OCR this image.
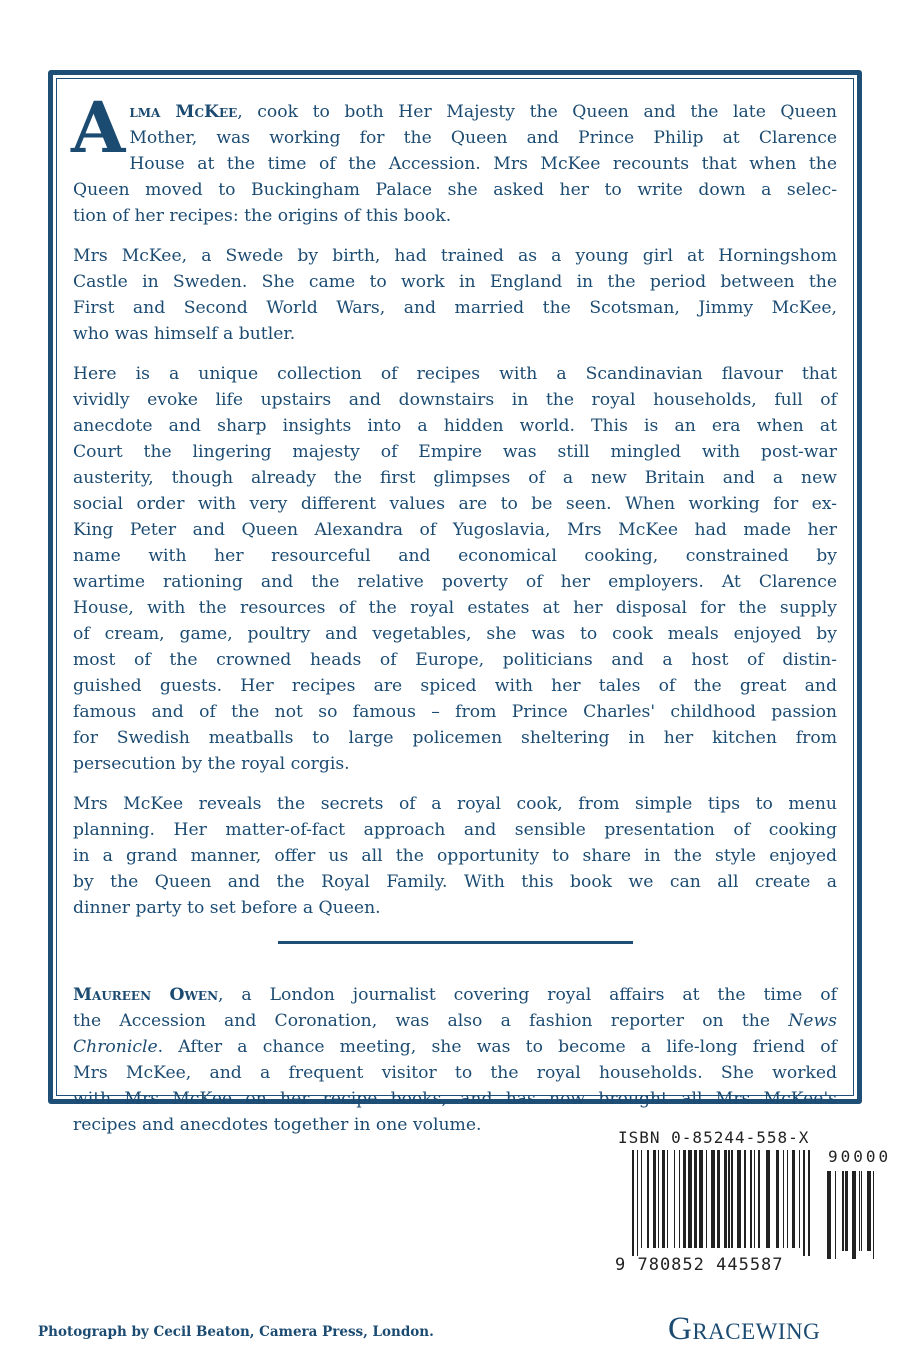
A lma McKee, cook to both Her Majesty the Queen and the late Queen
Mother, was working for the Queen and Prince Philip at Clarence
House at the time of the Accession. Mrs McKee recounts that when the
Queen moved to Buckingham Palace she asked her to write down a selec-
tion of her recipes: the origins of this book.

Mrs McKee, a Swede by birth, had trained as a young girl at Horningshom
Castle in Sweden. She came to work in England in the period between the
First and Second World Wars, and married the Scotsman, Jimmy McKee,
who was himself a butler.

Here is a unique collection of recipes with a Scandinavian flavour that
vividly evoke life upstairs and downstairs in the royal households, full of
anecdote and sharp insights into a hidden world. This is an era when at
Court the lingering majesty of Empire was still mingled with post-war
austerity, though already the first glimpses of a new Britain and a new
social order with very different values are to be seen. When working for ex-
King Peter and Queen Alexandra of Yugoslavia, Mrs McKee had made her
name with her resourceful and economical cooking, constrained by
wartime rationing and the relative poverty of her employers. At Clarence
House, with the resources of the royal estates at her disposal for the supply
of cream, game, poultry and vegetables, she was to cook meals enjoyed by
most of the crowned heads of Europe, politicians and a host of distin-
guished guests. Her recipes are spiced with her tales of the great and
famous and of the not so famous – from Prince Charles' childhood passion
for Swedish meatballs to large policemen sheltering in her kitchen from
persecution by the royal corgis.

Mrs McKee reveals the secrets of a royal cook, from simple tips to menu
planning. Her matter-of-fact approach and sensible presentation of cooking
in a grand manner, offer us all the opportunity to share in the style enjoyed
by the Queen and the Royal Family. With this book we can all create a
dinner party to set before a Queen.

Maureen Owen, a London journalist covering royal affairs at the time of
the Accession and Coronation, was also a fashion reporter on the News
Chronicle. After a chance meeting, she was to become a life-long friend of
Mrs McKee, and a frequent visitor to the royal households. She worked
with Mrs McKee on her recipe books, and has now brought all Mrs McKee's
recipes and anecdotes together in one volume.

ISBN 0-85244-558-X
90000
9 780852 445587
Photograph by Cecil Beaton, Camera Press, London.	Gracewing
